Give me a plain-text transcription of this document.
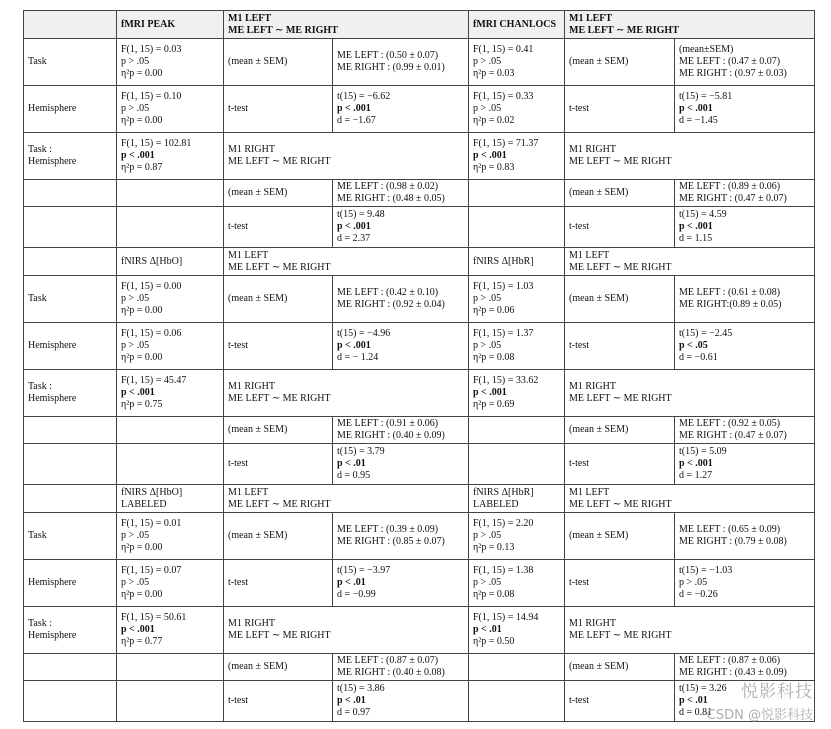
	fMRI PEAK	M1 LEFT
ME LEFT ∼ ME RIGHT		fMRI CHANLOCS	M1 LEFT
ME LEFT ∼ ME RIGHT	

Task	F(1, 15) = 0.03
p > .05
η²p = 0.00	(mean ± SEM)	ME LEFT : (0.50 ± 0.07)
ME RIGHT : (0.99 ± 0.01)	F(1, 15) = 0.41
p > .05
η²p = 0.03	(mean ± SEM)	(mean±SEM)
ME LEFT : (0.47 ± 0.07)
ME RIGHT : (0.97 ± 0.03)

Hemisphere	F(1, 15) = 0.10
p > .05
η²p = 0.00	t-test	t(15) = −6.62
p < .001
d = −1.67	F(1, 15) = 0.33
p > .05
η²p = 0.02	t-test	t(15) = −5.81
p < .001
d = −1.45

Task :
Hemisphere	F(1, 15) = 102.81
p < .001
η²p = 0.87	M1 RIGHT
ME LEFT ∼ ME RIGHT		F(1, 15) = 71.37
p < .001
η²p = 0.83	M1 RIGHT
ME LEFT ∼ ME RIGHT	

		(mean ± SEM)	ME LEFT : (0.98 ± 0.02)
ME RIGHT : (0.48 ± 0.05)		(mean ± SEM)	ME LEFT : (0.89 ± 0.06)
ME RIGHT : (0.47 ± 0.07)

		t-test	t(15) = 9.48
p < .001
d = 2.37		t-test	t(15) = 4.59
p < .001
d = 1.15

	fNIRS Δ[HbO]	M1 LEFT
ME LEFT ∼ ME RIGHT		fNIRS Δ[HbR]	M1 LEFT
ME LEFT ∼ ME RIGHT	

Task	F(1, 15) = 0.00
p > .05
η²p = 0.00	(mean ± SEM)	ME LEFT : (0.42 ± 0.10)
ME RIGHT : (0.92 ± 0.04)	F(1, 15) = 1.03
p > .05
η²p = 0.06	(mean ± SEM)	ME LEFT : (0.61 ± 0.08)
ME RIGHT:(0.89 ± 0.05)

Hemisphere	F(1, 15) = 0.06
p > .05
η²p = 0.00	t-test	t(15) = −4.96
p < .001
d = − 1.24	F(1, 15) = 1.37
p > .05
η²p = 0.08	t-test	t(15) = −2.45
p < .05
d = −0.61

Task :
Hemisphere	F(1, 15) = 45.47
p < .001
η²p = 0.75	M1 RIGHT
ME LEFT ∼ ME RIGHT		F(1, 15) = 33.62
p < .001
η²p = 0.69	M1 RIGHT
ME LEFT ∼ ME RIGHT	

		(mean ± SEM)	ME LEFT : (0.91 ± 0.06)
ME RIGHT : (0.40 ± 0.09)		(mean ± SEM)	ME LEFT : (0.92 ± 0.05)
ME RIGHT : (0.47 ± 0.07)

		t-test	t(15) = 3.79
p < .01
d = 0.95		t-test	t(15) = 5.09
p < .001
d = 1.27

	fNIRS Δ[HbO]
LABELED	M1 LEFT
ME LEFT ∼ ME RIGHT		fNIRS Δ[HbR]
LABELED	M1 LEFT
ME LEFT ∼ ME RIGHT	

Task	F(1, 15) = 0.01
p > .05
η²p = 0.00	(mean ± SEM)	ME LEFT : (0.39 ± 0.09)
ME RIGHT : (0.85 ± 0.07)	F(1, 15) = 2.20
p > .05
η²p = 0.13	(mean ± SEM)	ME LEFT : (0.65 ± 0.09)
ME RIGHT : (0.79 ± 0.08)

Hemisphere	F(1, 15) = 0.07
p > .05
η²p = 0.00	t-test	t(15) = −3.97
p < .01
d = −0.99	F(1, 15) = 1.38
p > .05
η²p = 0.08	t-test	t(15) = −1.03
p > .05
d = −0.26

Task :
Hemisphere	F(1, 15) = 50.61
p < .001
η²p = 0.77	M1 RIGHT
ME LEFT ∼ ME RIGHT		F(1, 15) = 14.94
p < .01
η²p = 0.50	M1 RIGHT
ME LEFT ∼ ME RIGHT	

		(mean ± SEM)	ME LEFT : (0.87 ± 0.07)
ME RIGHT : (0.40 ± 0.08)		(mean ± SEM)	ME LEFT : (0.87 ± 0.06)
ME RIGHT : (0.43 ± 0.09)

		t-test	t(15) = 3.86
p < .01
d = 0.97		t-test	t(15) = 3.26
p < .01
d = 0.81
悦影科技
CSDN @悦影科技
